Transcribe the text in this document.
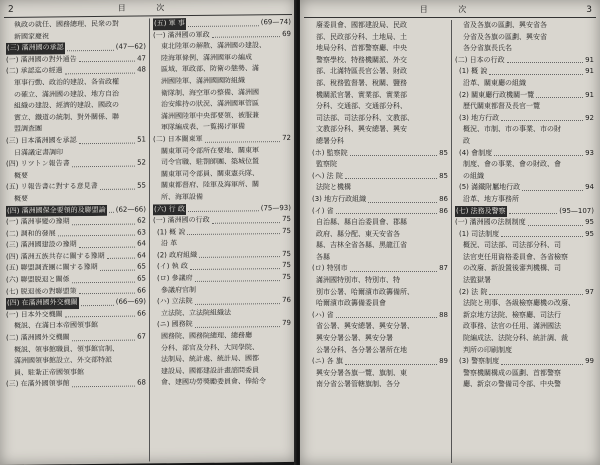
2	目 次
執政の就任、國務總理、民衆の對
新國家慶祝
(三) 滿洲國の承認	(47—62)
(一) 滿洲國の對外通告	47
(二) 承認迄の經過	48
軍事行動、政治的建設、各省政權
の確立、滿洲國の建設、地方自治
組織の建設、經濟的建設、國政の
實立、鐵道の統制、對外關係、聯
盟調査團
(三) 日本滿洲國を承認	51
日滿議定書調印
(四) リツトン報告書	52
概要
(五) リ報告書に對する意見書	55
概要
(四) 滿洲國保全要領的及聯盟論 (62—66)
(一) 滿洲事變の豫期	62
(二) 調和的發展	63
(三) 滿洲國建設の豫期	64
(四) 滿洲五族共存に關する豫期	64
(五) 聯盟調査團に關する豫期	65
(六) 聯盟脱退と關係	65
(七) 脱退後の對聯盟策	66
(四) 在滿洲國外交機關	(66—69)
(一) 日本外交機關	66
概説、在滿日本帝國領事館
(二) 滿洲國外交機關	67
概説、領事館職員、領事館官制、
滿洲國領事館設立、外交部特派
員、駐紮正帝國領事館
(三) 在滿外國領事館	68
(五) 軍 事	(69—74)
(一) 滿洲國の軍政	69
東北陸軍の解散、滿洲國の建設、
陸海軍條例、滿洲國軍の編成
區域、軍政部、防衛の態勢、滿
洲國陸軍、滿洲國國防組織
衛隊制、海空軍の整備、滿洲國
治安維持の狀況、滿洲國軍管區
滿洲國陸軍中央部要領、被服兼
軍隊編成表、一覧揭げ軍備
(二) 日本關東軍	72
關東軍司令部所在要地、關東軍
司令官職、駐劄師團、築城位置
關東軍司令部員、關東憲兵隊、
關東都督府、陸軍及海軍所、關
所、海軍設備
(六) 行 政	(75—93)
(一) 滿洲國の行政	75
(1) 概 說	75
沿 革
(2) 政府組織	75
(イ) 執 政	75
(ロ) 參議府	75
參議府官制
(ハ) 立法院	76
立法院、立法院組織法
(ニ) 國務院	79
國務院、國務院總理、總務廳
分科、部官及分科、大同學院、
法制局、統計處、統計局、國都
建設局、國都建設計畫諮問委員
會、建國功勞獎勵委員會、俸給令
目 次	3
廢委員會、國都建設局、民政
部、民政部分科、土地局、土
地局分科、首都警察廳、中央
警察學校、特務機關派、外交
部、北滿特區長官公署、財政
部、稅務監督署、稅關、鹽務
機關派官署、實業部、實業部
分科、交通部、交通部分科、
司法部、司法部分科、文教部、
文教部分科、興安總署、興安
總署分科
(ホ) 監察院	85
監察院
(ヘ) 法 院	85
法院と機構
(3) 地方行政組織	86
(イ) 省	86
自治縣、縣自治委員會、郡縣
政府、縣分配、東天安省各
縣、吉林全省各縣、黑龍江省
各縣
(ロ) 特別市	87
滿洲國特別市、特別市、特
別市公署、哈爾濱市政籌備所、
哈爾濱市政籌備委員會
(ハ) 省	88
省公署、興安總署、興安分署、
興安分署公署、興安分署
公署分科、各分署公署所在地
(ニ) 各 旗	89
興安分署各旗一覽、旗制、東
南分省公署管轄旗制、各分
省及各旗の區劃、興安省各
分省及各旗の區劃、興安省
各分省旗長氏名
(二) 日本の行政	91
(1) 概 說	91
沿革、關東廳の組織
(2) 關東廳行政機關一覽	91
歷代關東都督及長官一覽
(3) 地方行政	92
概況、市制、市の事業、市の財
政
(4) 會制度	93
制度、會の事業、會の財政、會
の組織
(5) 滿鐵附屬地行政	94
沿革、地方事務所
(七) 法務及警察	(95—107)
(一) 滿洲國の法制制度	95
(1) 司法制度	95
概況、司法部、司法部分科、司
法官吏任用資格委員會、各省檢察
の改廢、新設置後審判機構、司
法監獄署
(2) 法 院	97
法院と刑事、各級檢察廳機の改廢、
新京地方法院、檢察廳、司法行
政事務、法官の任用、滿洲國法
院編成法、法院分科、統計調、裁
判所の印刷制度
(3) 警察制度	99
警察機關構成の區劃、首都警察
廳、新京の警備司令部、中央警
